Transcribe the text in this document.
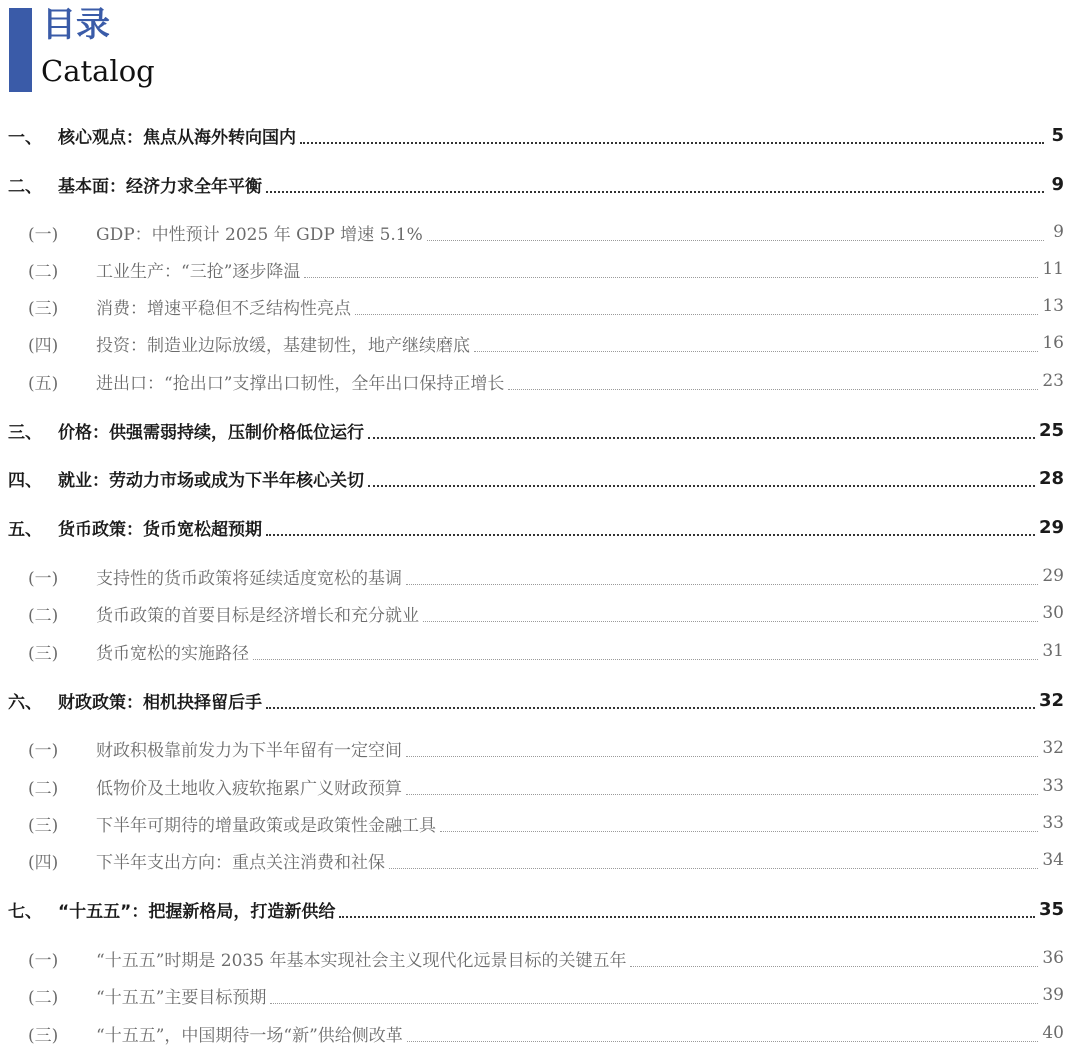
目录
Catalog
一、 核心观点：焦点从海外转向国内	5
二、 基本面：经济力求全年平衡	9
(一)	GDP：中性预计 2025 年 GDP 增速 5.1%	9
(二)	工业生产：“三抢”逐步降温	11
(三)	消费：增速平稳但不乏结构性亮点	13
(四)	投资：制造业边际放缓，基建韧性，地产继续磨底	16
(五)	进出口：“抢出口”支撑出口韧性，全年出口保持正增长	23
三、 价格：供强需弱持续，压制价格低位运行	25
四、 就业：劳动力市场或成为下半年核心关切	28
五、 货币政策：货币宽松超预期	29
(一)	支持性的货币政策将延续适度宽松的基调	29
(二)	货币政策的首要目标是经济增长和充分就业	30
(三)	货币宽松的实施路径	31
六、 财政政策：相机抉择留后手	32
(一)	财政积极靠前发力为下半年留有一定空间	32
(二)	低物价及土地收入疲软拖累广义财政预算	33
(三)	下半年可期待的增量政策或是政策性金融工具	33
(四)	下半年支出方向：重点关注消费和社保	34
七、 “十五五”：把握新格局，打造新供给	35
(一)	“十五五”时期是 2035 年基本实现社会主义现代化远景目标的关键五年	36
(二)	“十五五”主要目标预期	39
(三)	“十五五”，中国期待一场“新”供给侧改革	40
